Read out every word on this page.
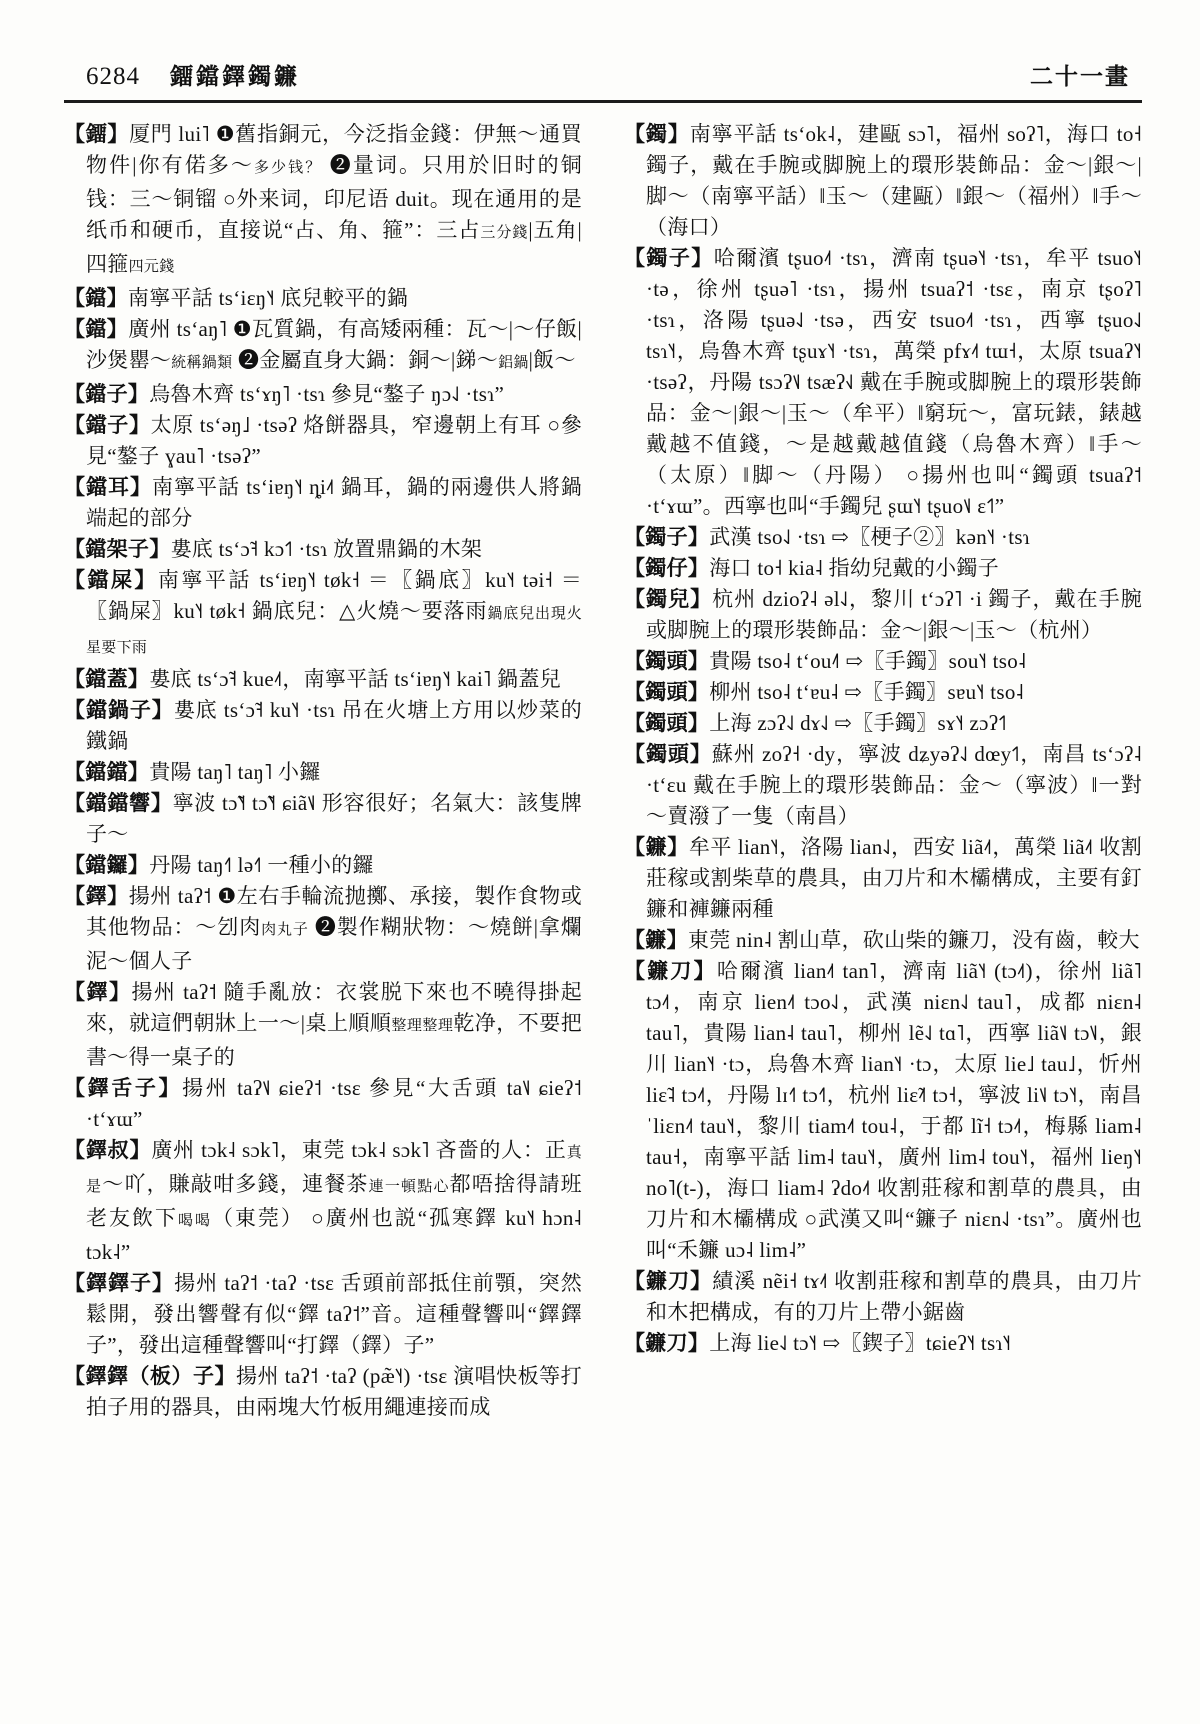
6284 鐂鐺鐸鐲鐮	二十一畫

【鐂】厦門 lui˥ ❶舊指銅元，今泛指金錢：伊無～通買物件|你有偌多～多少钱？ ❷量词。只用於旧时的铜钱：三～铜镏 ○外来词，印尼语 duit。现在通用的是纸币和硬币，直接说“占、角、箍”：三占三分錢|五角|四箍四元錢

【鐺】南寧平話 tsʻiɛŋ˥˧ 底兒較平的鍋

【鐺】廣州 tsʻaŋ˥ ❶瓦質鍋，有高矮兩種：瓦～|～仔飯|沙煲罌～統稱鍋類 ❷金屬直身大鍋：銅～|銻～鋁鍋|飯～

【鐺子】烏魯木齊 tsʻɤŋ˥ ·tsɿ 參見“鏊子 ŋɔ˨˩ ·tsɿ”

【鐺子】太原 tsʻəŋ˩ ·tsəʔ 烙餅器具，窄邊朝上有耳 ○參見“鏊子 ɣau˥ ·tsəʔ”

【鐺耳】南寧平話 tsʻiɐŋ˥˧ ȵi˨˦ 鍋耳，鍋的兩邊供人將鍋端起的部分

【鐺架子】婁底 tsʻɔ̃˧ kɔ˦˥ ·tsɿ 放置鼎鍋的木架

【鐺屎】南寧平話 tsʻiɐŋ˥˧ tøk˧ ＝〖鍋底〗ku˥˧ təi˧ ＝〖鍋屎〗ku˥˧ tøk˧ 鍋底兒：△火燒～要落雨鍋底兒出現火星要下雨

【鐺蓋】婁底 tsʻɔ̃˧ kue˨˦，南寧平話 tsʻiɐŋ˥˧ kai˥ 鍋蓋兒

【鐺鍋子】婁底 tsʻɔ̃˧ ku˥˧ ·tsɿ 吊在火塘上方用以炒菜的鐵鍋

【鐺鐺】貴陽 taŋ˥ taŋ˥ 小鑼

【鐺鐺響】寧波 tɔ̃˥˧ tɔ̃˥˧ ɕiã˦˩ 形容很好；名氣大：該隻牌子～

【鐺鑼】丹陽 taŋ˧˥ lə˧˥ 一種小的鑼

【鐸】揚州 taʔ˦ ❶左右手輪流抛擲、承接，製作食物或其他物品：～刉肉肉丸子 ❷製作糊狀物：～燒餅|拿爛泥～個人子

【鐸】揚州 taʔ˦ 隨手亂放：衣裳脱下來也不曉得掛起來，就這們朝牀上一～|桌上順順整理整理乾净，不要把書～得一桌子的

【鐸舌子】揚州 taʔ˦˩ ɕieʔ˦ ·tsɛ 參見“大舌頭 ta˥˩ ɕieʔ˦ ·tʻɤɯ”

【鐸叔】廣州 tɔk˨ sɔk˥，東莞 tɔk˨ sɔk˥ 吝嗇的人：正真是～吖，賺敲咁多錢，連餐茶連一頓點心都唔捨得請班老友飲下喝喝（東莞） ○廣州也説“孤寒鐸 ku˥˧ hɔn˨ tɔk˨”

【鐸鐸子】揚州 taʔ˦ ·taʔ ·tsɛ 舌頭前部抵住前顎，突然鬆開，發出響聲有似“鐸 taʔ˦”音。這種聲響叫“鐸鐸子”，發出這種聲響叫“打鐸（鐸）子”

【鐸鐸（板）子】揚州 taʔ˦ ·taʔ (pæ̃˥˧) ·tsɛ 演唱快板等打拍子用的器具，由兩塊大竹板用繩連接而成

【鐲】南寧平話 tsʻok˨，建甌 sɔ˥，福州 soʔ˥，海口 to˧ 鐲子，戴在手腕或脚腕上的環形裝飾品：金～|銀～|脚～（南寧平話）‖玉～（建甌）‖銀～（福州）‖手～（海口）

【鐲子】哈爾濱 tʂuo˨˦ ·tsɿ，濟南 tʂuə˥˧ ·tsɿ，牟平 tsuo˥˧ ·tə，徐州 tʂuə˥ ·tsɿ，揚州 tsuaʔ˦ ·tsɛ，南京 tʂoʔ˥ ·tsɿ，洛陽 tʂuə˨˩ ·tsə，西安 tsuo˨˦ ·tsɿ，西寧 tʂuo˨˩ tsɿ˥˧，烏魯木齊 tʂuɤ˥˧ ·tsɿ，萬榮 pfɤ˨˦ tɯ˧，太原 tsuaʔ˥˧ ·tsəʔ，丹陽 tsɔʔ˦˩ tsæʔ˧˩ 戴在手腕或脚腕上的環形裝飾品：金～|銀～|玉～（牟平）‖窮玩～，富玩錶，錶越戴越不值錢，～是越戴越值錢（烏魯木齊）‖手～（太原）‖脚～（丹陽） ○揚州也叫“鐲頭 tsuaʔ˦ ·tʻɤɯ”。西寧也叫“手鐲兒 ʂɯ˥˧ tʂuo˦˩ ɛ˦˥”

【鐲子】武漢 tso˨˩ ·tsɿ ⇨〖梗子②〗kən˥˧ ·tsɿ

【鐲仔】海口 to˧ kia˨ 指幼兒戴的小鐲子

【鐲兒】杭州 dzioʔ˨ əl˨˩，黎川 tʻɔʔ˥ ·i 鐲子，戴在手腕或脚腕上的環形裝飾品：金～|銀～|玉～（杭州）

【鐲頭】貴陽 tso˨ tʻou˨˥ ⇨〖手鐲〗sou˥˧ tso˨

【鐲頭】柳州 tso˨ tʻɐu˨ ⇨〖手鐲〗sɐu˥˧ tso˨

【鐲頭】上海 zɔʔ˨˩ dɤ˨˩ ⇨〖手鐲〗sɤ˥˧ zɔʔ˦˥

【鐲頭】蘇州 zoʔ˧ ·dy，寧波 dʑyəʔ˨˩ dœy˦˥，南昌 tsʻɔʔ˨ ·tʻɛu 戴在手腕上的環形裝飾品：金～（寧波）‖一對～賣潑了一隻（南昌）

【鐮】牟平 lian˥˧，洛陽 lian˨˩，西安 liã˨˦，萬榮 liã˨˦ 收割莊稼或割柴草的農具，由刀片和木欛構成，主要有釘鐮和褲鐮兩種

【鐮】東莞 nin˨ 割山草，砍山柴的鐮刀，没有齒，較大

【鐮刀】哈爾濱 lian˨˦ tan˥，濟南 liã˥˧ (tɔ˨˦)，徐州 liã˥ tɔ˨˦，南京 lien˨˦ tɔo˨˩，武漢 niɛn˨˩ tau˥，成都 niɛn˨ tau˥，貴陽 lian˨ tau˥，柳州 lẽ˨˩ tɑ˥，西寧 liã˦˩ tɔ˥˩，銀川 lian˥˧ ·tɔ，烏魯木齊 lian˥˧ ·tɔ，太原 lie˩ tau˩，忻州 liɛ̃˨ tɔ˨˦，丹陽 lɪ˧˥ tɔ˧˥，杭州 liɛ̃˨˦ tɔ˧，寧波 li˦˩ tɔ˥˧，南昌 ˈliɛn˨˦ tau˥˧，黎川 tiam˨˦ tou˨，于都 lĩ˧ tɔ˨˦，梅縣 liam˨ tau˧，南寧平話 lim˨ tau˥˧，廣州 lim˨ tou˥˧，福州 lieŋ˥˧ no˥(t-)，海口 liam˨ ʔdo˨˦ 收割莊稼和割草的農具，由刀片和木欛構成 ○武漢又叫“鐮子 niɛn˨˩ ·tsɿ”。廣州也叫“禾鐮 uɔ˨ lim˨”

【鐮刀】績溪 nẽi˧ tɤ˨˦ 收割莊稼和割草的農具，由刀片和木把構成，有的刀片上帶小鋸齒

【鐮刀】上海 lie˨˩ tɔ˥˧ ⇨〖鍥子〗tɕieʔ˥˧ tsɿ˥˧
